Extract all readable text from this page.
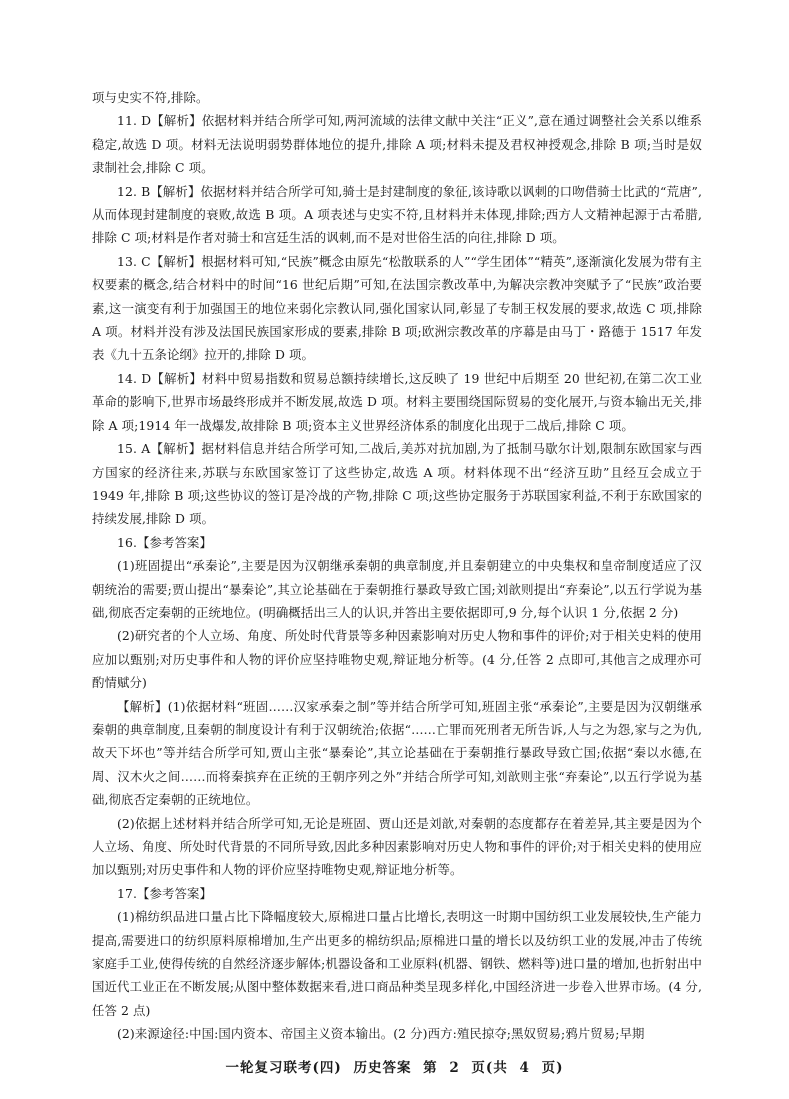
项与史实不符,排除。

11. D【解析】依据材料并结合所学可知,两河流域的法律文献中关注“正义”,意在通过调整社会关系以维系稳定,故选 D 项。材料无法说明弱势群体地位的提升,排除 A 项;材料未提及君权神授观念,排除 B 项;当时是奴隶制社会,排除 C 项。

12. B【解析】依据材料并结合所学可知,骑士是封建制度的象征,该诗歌以讽刺的口吻借骑士比武的“荒唐”,从而体现封建制度的衰败,故选 B 项。A 项表述与史实不符,且材料并未体现,排除;西方人文精神起源于古希腊,排除 C 项;材料是作者对骑士和宫廷生活的讽刺,而不是对世俗生活的向往,排除 D 项。

13. C【解析】根据材料可知,“民族”概念由原先“松散联系的人”“学生团体”“精英”,逐渐演化发展为带有主权要素的概念,结合材料中的时间“16 世纪后期”可知,在法国宗教改革中,为解决宗教冲突赋予了“民族”政治要素,这一演变有利于加强国王的地位来弱化宗教认同,强化国家认同,彰显了专制王权发展的要求,故选 C 项,排除 A 项。材料并没有涉及法国民族国家形成的要素,排除 B 项;欧洲宗教改革的序幕是由马丁・路德于 1517 年发表《九十五条论纲》拉开的,排除 D 项。

14. D【解析】材料中贸易指数和贸易总额持续增长,这反映了 19 世纪中后期至 20 世纪初,在第二次工业革命的影响下,世界市场最终形成并不断发展,故选 D 项。材料主要围绕国际贸易的变化展开,与资本输出无关,排除 A 项;1914 年一战爆发,故排除 B 项;资本主义世界经济体系的制度化出现于二战后,排除 C 项。

15. A【解析】据材料信息并结合所学可知,二战后,美苏对抗加剧,为了抵制马歇尔计划,限制东欧国家与西方国家的经济往来,苏联与东欧国家签订了这些协定,故选 A 项。材料体现不出“经济互助”且经互会成立于 1949 年,排除 B 项;这些协议的签订是冷战的产物,排除 C 项;这些协定服务于苏联国家利益,不利于东欧国家的持续发展,排除 D 项。

16.【参考答案】

(1)班固提出“承秦论”,主要是因为汉朝继承秦朝的典章制度,并且秦朝建立的中央集权和皇帝制度适应了汉朝统治的需要;贾山提出“暴秦论”,其立论基础在于秦朝推行暴政导致亡国;刘歆则提出“弃秦论”,以五行学说为基础,彻底否定秦朝的正统地位。(明确概括出三人的认识,并答出主要依据即可,9 分,每个认识 1 分,依据 2 分)

(2)研究者的个人立场、角度、所处时代背景等多种因素影响对历史人物和事件的评价;对于相关史料的使用应加以甄别;对历史事件和人物的评价应坚持唯物史观,辩证地分析等。(4 分,任答 2 点即可,其他言之成理亦可酌情赋分)

【解析】(1)依据材料“班固……汉家承秦之制”等并结合所学可知,班固主张“承秦论”,主要是因为汉朝继承秦朝的典章制度,且秦朝的制度设计有利于汉朝统治;依据“……亡罪而死刑者无所告诉,人与之为怨,家与之为仇,故天下坏也”等并结合所学可知,贾山主张“暴秦论”,其立论基础在于秦朝推行暴政导致亡国;依据“秦以水德,在周、汉木火之间……而将秦摈弃在正统的王朝序列之外”并结合所学可知,刘歆则主张“弃秦论”,以五行学说为基础,彻底否定秦朝的正统地位。

(2)依据上述材料并结合所学可知,无论是班固、贾山还是刘歆,对秦朝的态度都存在着差异,其主要是因为个人立场、角度、所处时代背景的不同所导致,因此多种因素影响对历史人物和事件的评价;对于相关史料的使用应加以甄别;对历史事件和人物的评价应坚持唯物史观,辩证地分析等。

17.【参考答案】

(1)棉纺织品进口量占比下降幅度较大,原棉进口量占比增长,表明这一时期中国纺织工业发展较快,生产能力提高,需要进口的纺织原料原棉增加,生产出更多的棉纺织品;原棉进口量的增长以及纺织工业的发展,冲击了传统家庭手工业,使得传统的自然经济逐步解体;机器设备和工业原料(机器、钢铁、燃料等)进口量的增加,也折射出中国近代工业正在不断发展;从图中整体数据来看,进口商品种类呈现多样化,中国经济进一步卷入世界市场。(4 分,任答 2 点)

(2)来源途径:中国:国内资本、帝国主义资本输出。(2 分)西方:殖民掠夺;黑奴贸易;鸦片贸易;早期

一轮复习联考(四) 历史答案 第 2 页(共 4 页)
